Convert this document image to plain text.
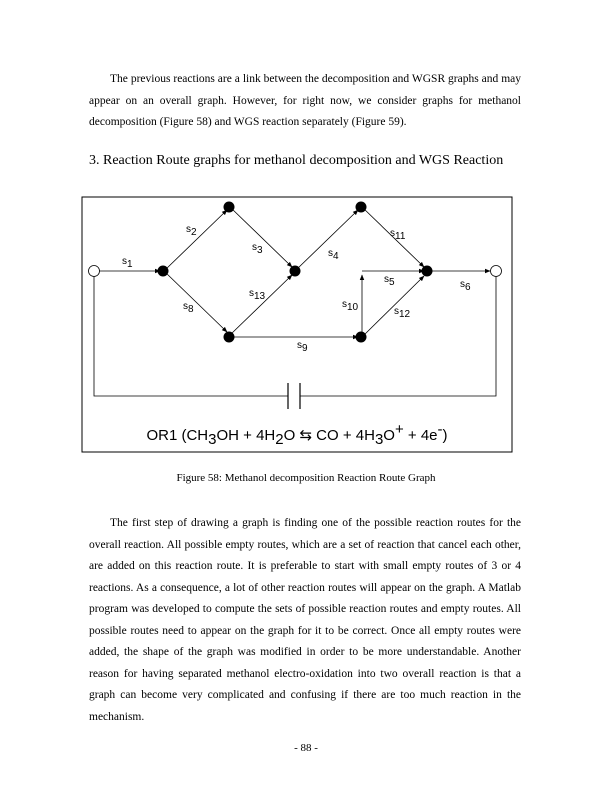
The previous reactions are a link between the decomposition and WGSR graphs and may appear on an overall graph. However, for right now, we consider graphs for methanol decomposition (Figure 58) and WGS reaction separately (Figure 59).

3. Reaction Route graphs for methanol decomposition and WGS Reaction
s1
s2
s3	s4
s5	s6
s8
s9
s10
s11
s12
s13
OR1 (CH3OH + 4H2O ⇆ CO + 4H3O+ + 4e-)
Figure 58: Methanol decomposition Reaction Route Graph

The first step of drawing a graph is finding one of the possible reaction routes for the overall reaction. All possible empty routes, which are a set of reaction that cancel each other, are added on this reaction route. It is preferable to start with small empty routes of 3 or 4 reactions. As a consequence, a lot of other reaction routes will appear on the graph. A Matlab program was developed to compute the sets of possible reaction routes and empty routes. All possible routes need to appear on the graph for it to be correct. Once all empty routes were added, the shape of the graph was modified in order to be more understandable. Another reason for having separated methanol electro-oxidation into two overall reaction is that a graph can become very complicated and confusing if there are too much reaction in the mechanism.

- 88 -
